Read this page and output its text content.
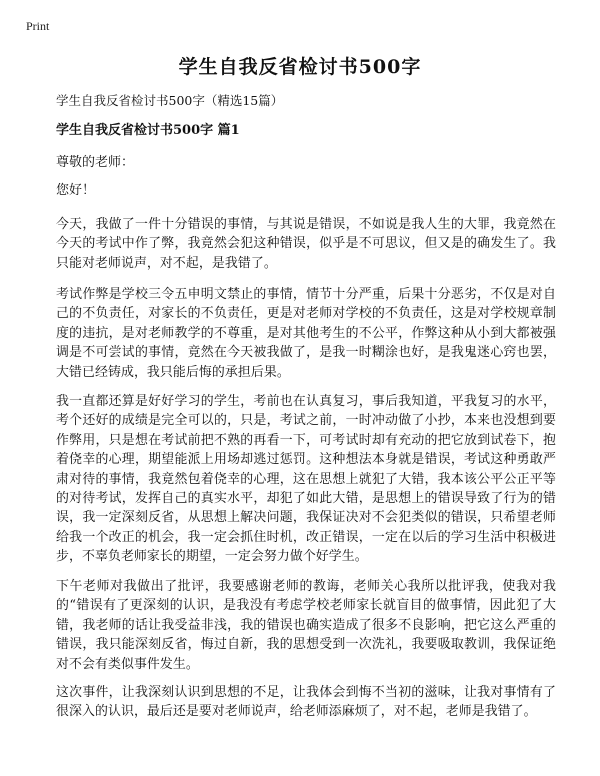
Print
学生自我反省检讨书500字
学生自我反省检讨书500字（精选15篇）
学生自我反省检讨书500字 篇1
尊敬的老师：
您好！
今天，我做了一件十分错误的事情，与其说是错误，不如说是我人生的大罪，我竟然在今天的考试中作了弊，我竟然会犯这种错误，似乎是不可思议，但又是的确发生了。我只能对老师说声，对不起，是我错了。
考试作弊是学校三令五申明文禁止的事情，情节十分严重，后果十分恶劣，不仅是对自己的不负责任，对家长的不负责任，更是对老师对学校的不负责任，这是对学校规章制度的违抗，是对老师教学的不尊重，是对其他考生的不公平，作弊这种从小到大都被强调是不可尝试的事情，竟然在今天被我做了，是我一时糊涂也好，是我鬼迷心窍也罢，大错已经铸成，我只能后悔的承担后果。
我一直都还算是好好学习的学生，考前也在认真复习，事后我知道，平我复习的水平，考个还好的成绩是完全可以的，只是，考试之前，一时冲动做了小抄，本来也没想到要作弊用，只是想在考试前把不熟的再看一下，可考试时却有充动的把它放到试卷下，抱着侥幸的心理，期望能派上用场却逃过惩罚。这种想法本身就是错误，考试这种勇敢严肃对待的事情，我竟然包着侥幸的心理，这在思想上就犯了大错，我本该公平公正平等的对待考试，发挥自己的真实水平，却犯了如此大错，是思想上的错误导致了行为的错误，我一定深刻反省，从思想上解决问题，我保证决对不会犯类似的错误，只希望老师给我一个改正的机会，我一定会抓住时机，改正错误，一定在以后的学习生活中积极进步，不辜负老师家长的期望，一定会努力做个好学生。
下午老师对我做出了批评，我要感谢老师的教诲，老师关心我所以批评我，使我对我的“错误有了更深刻的认识，是我没有考虑学校老师家长就盲目的做事情，因此犯了大错，我老师的话让我受益非浅，我的错误也确实造成了很多不良影响，把它这么严重的错误，我只能深刻反省，悔过自新，我的思想受到一次洗礼，我要吸取教训，我保证绝对不会有类似事件发生。
这次事件，让我深刻认识到思想的不足，让我体会到悔不当初的滋味，让我对事情有了很深入的认识，最后还是要对老师说声，给老师添麻烦了，对不起，老师是我错了。
